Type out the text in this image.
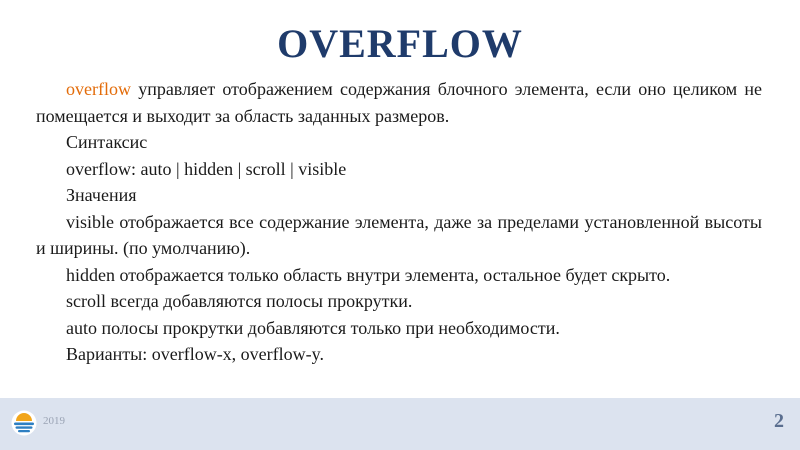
OVERFLOW

overflow управляет отображением содержания блочного элемента, если оно целиком не помещается и выходит за область заданных размеров.

Синтаксис

overflow: auto | hidden | scroll | visible

Значения

visible отображается все содержание элемента, даже за пределами установленной высоты и ширины. (по умолчанию).

hidden отображается только область внутри элемента, остальное будет скрыто.

scroll всегда добавляются полосы прокрутки.

auto полосы прокрутки добавляются только при необходимости.

Варианты: overflow-x, overflow-y.

2019	2
